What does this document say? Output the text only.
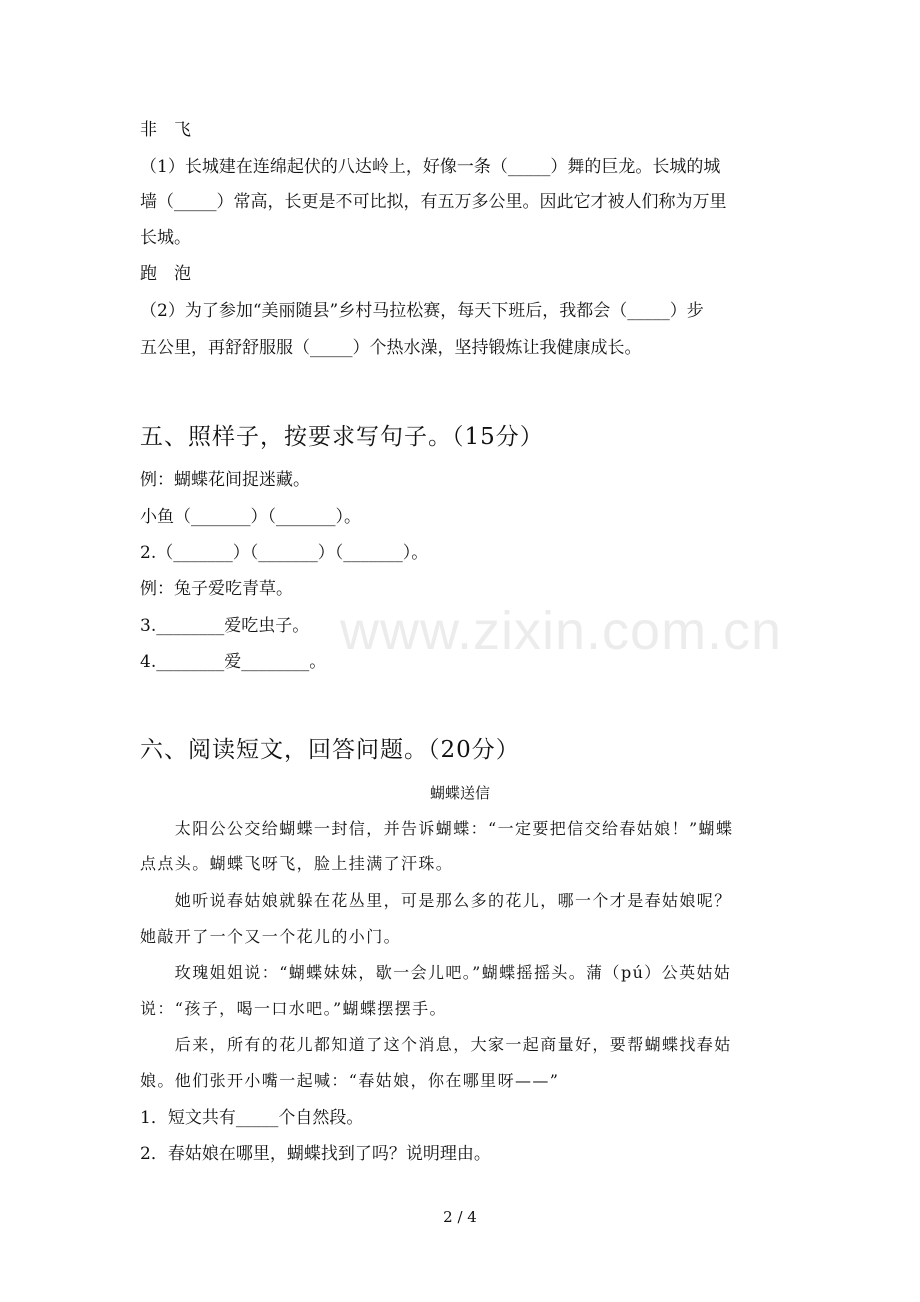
www.zixin.com.cn
非　飞
（1）长城建在连绵起伏的八达岭上，好像一条（_____）舞的巨龙。长城的城
墙（_____）常高，长更是不可比拟，有五万多公里。因此它才被人们称为万里
长城。
跑　泡
（2）为了参加“美丽随县”乡村马拉松赛，每天下班后，我都会（_____）步
五公里，再舒舒服服（_____）个热水澡，坚持锻炼让我健康成长。
五、照样子，按要求写句子。（15分）
例：蝴蝶花间捉迷藏。
小鱼（_______）（_______）。
2.（_______）（_______）（_______）。
例：兔子爱吃青草。
3.________爱吃虫子。
4.________爱________。
六、阅读短文，回答问题。（20分）
蝴蝶送信
　　太阳公公交给蝴蝶一封信，并告诉蝴蝶：“一定要把信交给春姑娘！”蝴蝶
点点头。蝴蝶飞呀飞，脸上挂满了汗珠。
　　她听说春姑娘就躲在花丛里，可是那么多的花儿，哪一个才是春姑娘呢？
她敲开了一个又一个花儿的小门。
　　玫瑰姐姐说：“蝴蝶妹妹，歇一会儿吧。”蝴蝶摇摇头。蒲（pú）公英姑姑
说：“孩子，喝一口水吧。”蝴蝶摆摆手。
　　后来，所有的花儿都知道了这个消息，大家一起商量好，要帮蝴蝶找春姑
娘。他们张开小嘴一起喊：“春姑娘，你在哪里呀——”
1．短文共有_____个自然段。
2．春姑娘在哪里，蝴蝶找到了吗？说明理由。
2 / 4
